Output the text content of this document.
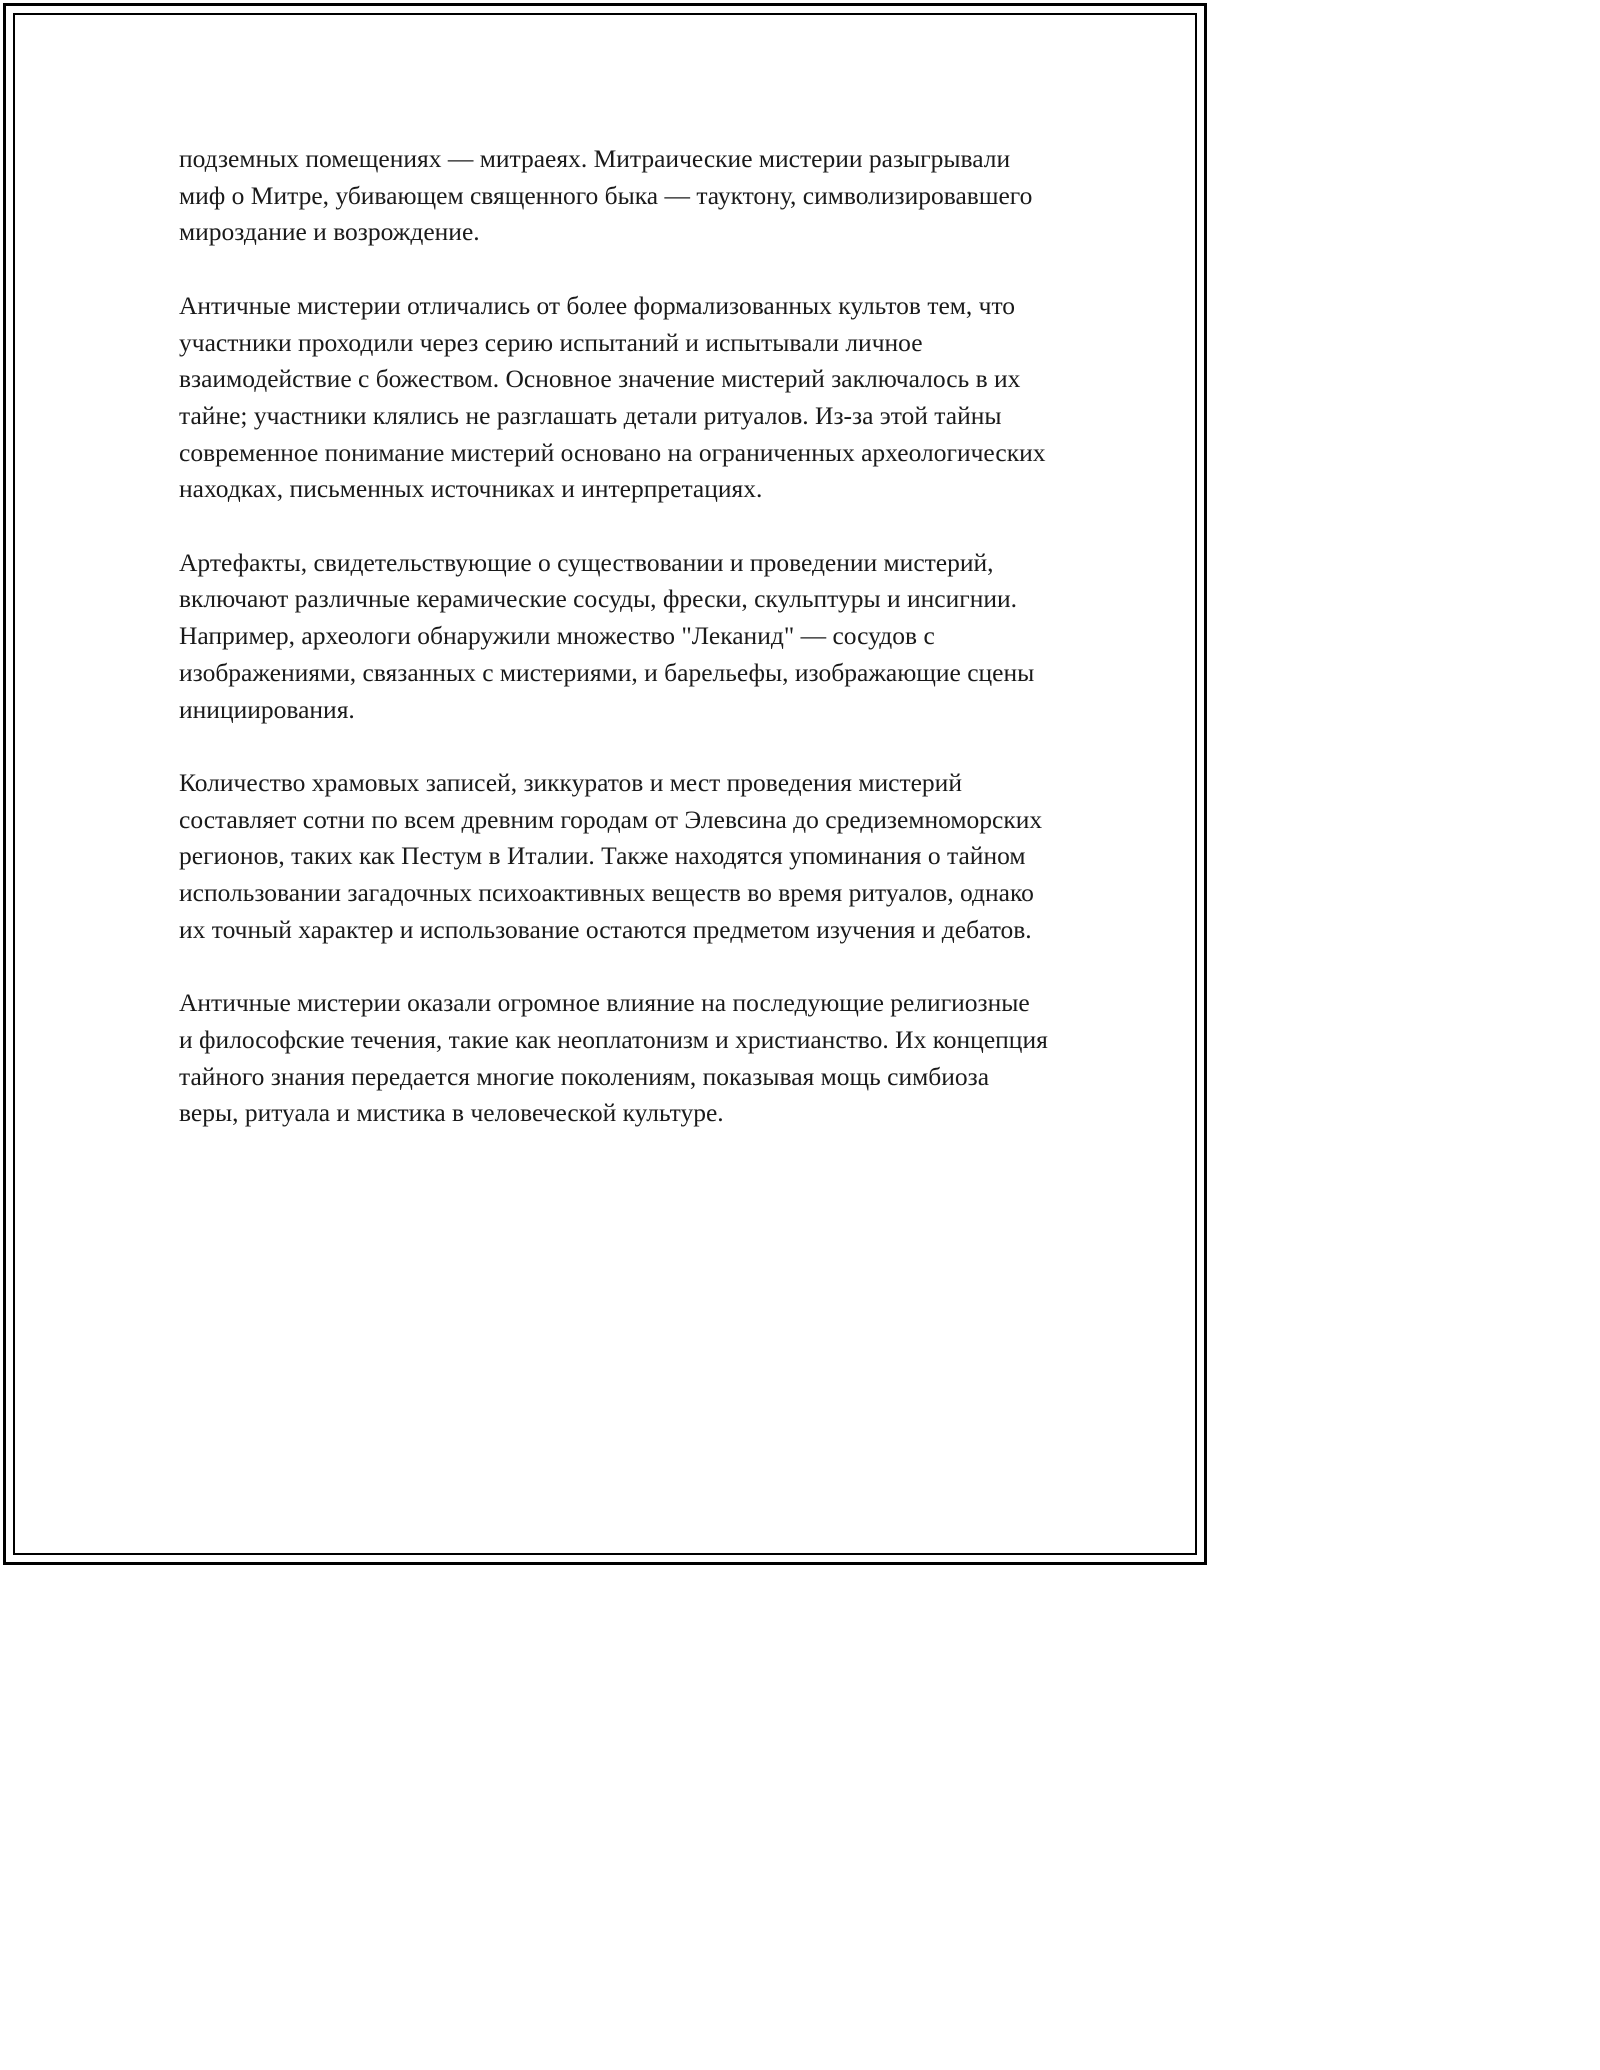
подземных помещениях — митраеях. Митраические мистерии разыгрывали миф о Митре, убивающем священного быка — тауктону, символизировавшего мироздание и возрождение.

Античные мистерии отличались от более формализованных культов тем, что участники проходили через серию испытаний и испытывали личное взаимодействие с божеством. Основное значение мистерий заключалось в их тайне; участники клялись не разглашать детали ритуалов. Из-за этой тайны современное понимание мистерий основано на ограниченных археологических находках, письменных источниках и интерпретациях.

Артефакты, свидетельствующие о существовании и проведении мистерий, включают различные керамические сосуды, фрески, скульптуры и инсигнии. Например, археологи обнаружили множество "Леканид" — сосудов с изображениями, связанных с мистериями, и барельефы, изображающие сцены инициирования.

Количество храмовых записей, зиккуратов и мест проведения мистерий составляет сотни по всем древним городам от Элевсина до средиземноморских регионов, таких как Пестум в Италии. Также находятся упоминания о тайном использовании загадочных психоактивных веществ во время ритуалов, однако их точный характер и использование остаются предметом изучения и дебатов.

Античные мистерии оказали огромное влияние на последующие религиозные и философские течения, такие как неоплатонизм и христианство. Их концепция тайного знания передается многие поколениям, показывая мощь симбиоза веры, ритуала и мистика в человеческой культуре.
